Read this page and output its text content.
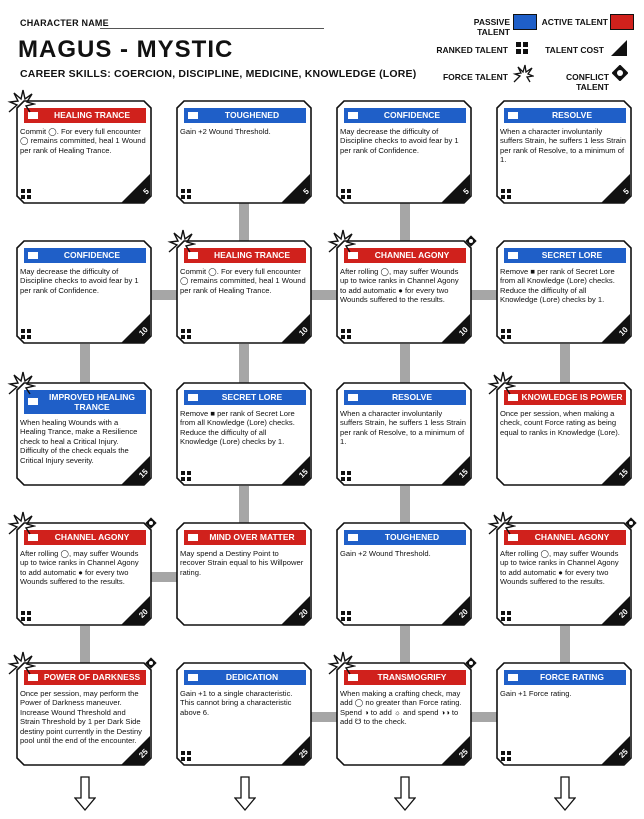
CHARACTER NAME
MAGUS - MYSTIC
CAREER SKILLS: COERCION, DISCIPLINE, MEDICINE, KNOWLEDGE (LORE)
PASSIVE TALENT
ACTIVE TALENT
RANKED TALENT	TALENT COST
FORCE TALENT	CONFLICT TALENT
HEALING TRANCE
Commit ◯. For every full encounter ◯ remains committed, heal 1 Wound per rank of Healing Trance.
5
TOUGHENED
Gain +2 Wound Threshold.
5
CONFIDENCE
May decrease the difficulty of Discipline checks to avoid fear by 1 per rank of Confidence.
5
RESOLVE
When a character involuntarily suffers Strain, he suffers 1 less Strain per rank of Resolve, to a minimum of 1.
5
CONFIDENCE
May decrease the difficulty of Discipline checks to avoid fear by 1 per rank of Confidence.
10
HEALING TRANCE
Commit ◯. For every full encounter ◯ remains committed, heal 1 Wound per rank of Healing Trance.
10
CHANNEL AGONY
After rolling ◯, may suffer Wounds up to twice ranks in Channel Agony to add automatic ● for every two Wounds suffered to the results.
10
SECRET LORE
Remove ■ per rank of Secret Lore from all Knowledge (Lore) checks. Reduce the difficulty of all Knowledge (Lore) checks by 1.
10
IMPROVED HEALING TRANCE
When healing Wounds with a Healing Trance, make a Resilience check to heal a Critical Injury. Difficulty of the check equals the Critical Injury severity.
15
SECRET LORE
Remove ■ per rank of Secret Lore from all Knowledge (Lore) checks. Reduce the difficulty of all Knowledge (Lore) checks by 1.
15
RESOLVE
When a character involuntarily suffers Strain, he suffers 1 less Strain per rank of Resolve, to a minimum of 1.
15
KNOWLEDGE IS POWER
Once per session, when making a check, count Force rating as being equal to ranks in Knowledge (Lore).
15
CHANNEL AGONY
After rolling ◯, may suffer Wounds up to twice ranks in Channel Agony to add automatic ● for every two Wounds suffered to the results.
20
MIND OVER MATTER
May spend a Destiny Point to recover Strain equal to his Willpower rating.
20
TOUGHENED
Gain +2 Wound Threshold.
20
CHANNEL AGONY
After rolling ◯, may suffer Wounds up to twice ranks in Channel Agony to add automatic ● for every two Wounds suffered to the results.
20
POWER OF DARKNESS
Once per session, may perform the Power of Darkness maneuver. Increase Wound Threshold and Strain Threshold by 1 per Dark Side destiny point currently in the Destiny pool until the end of the encounter.
25
DEDICATION
Gain +1 to a single characteristic. This cannot bring a characteristic above 6.
25
TRANSMOGRIFY
When making a crafting check, may add ◯ no greater than Force rating. Spend ◑ to add ☼ and spend ◑◑ to add ☋ to the check.
25
FORCE RATING
Gain +1 Force rating.
25
